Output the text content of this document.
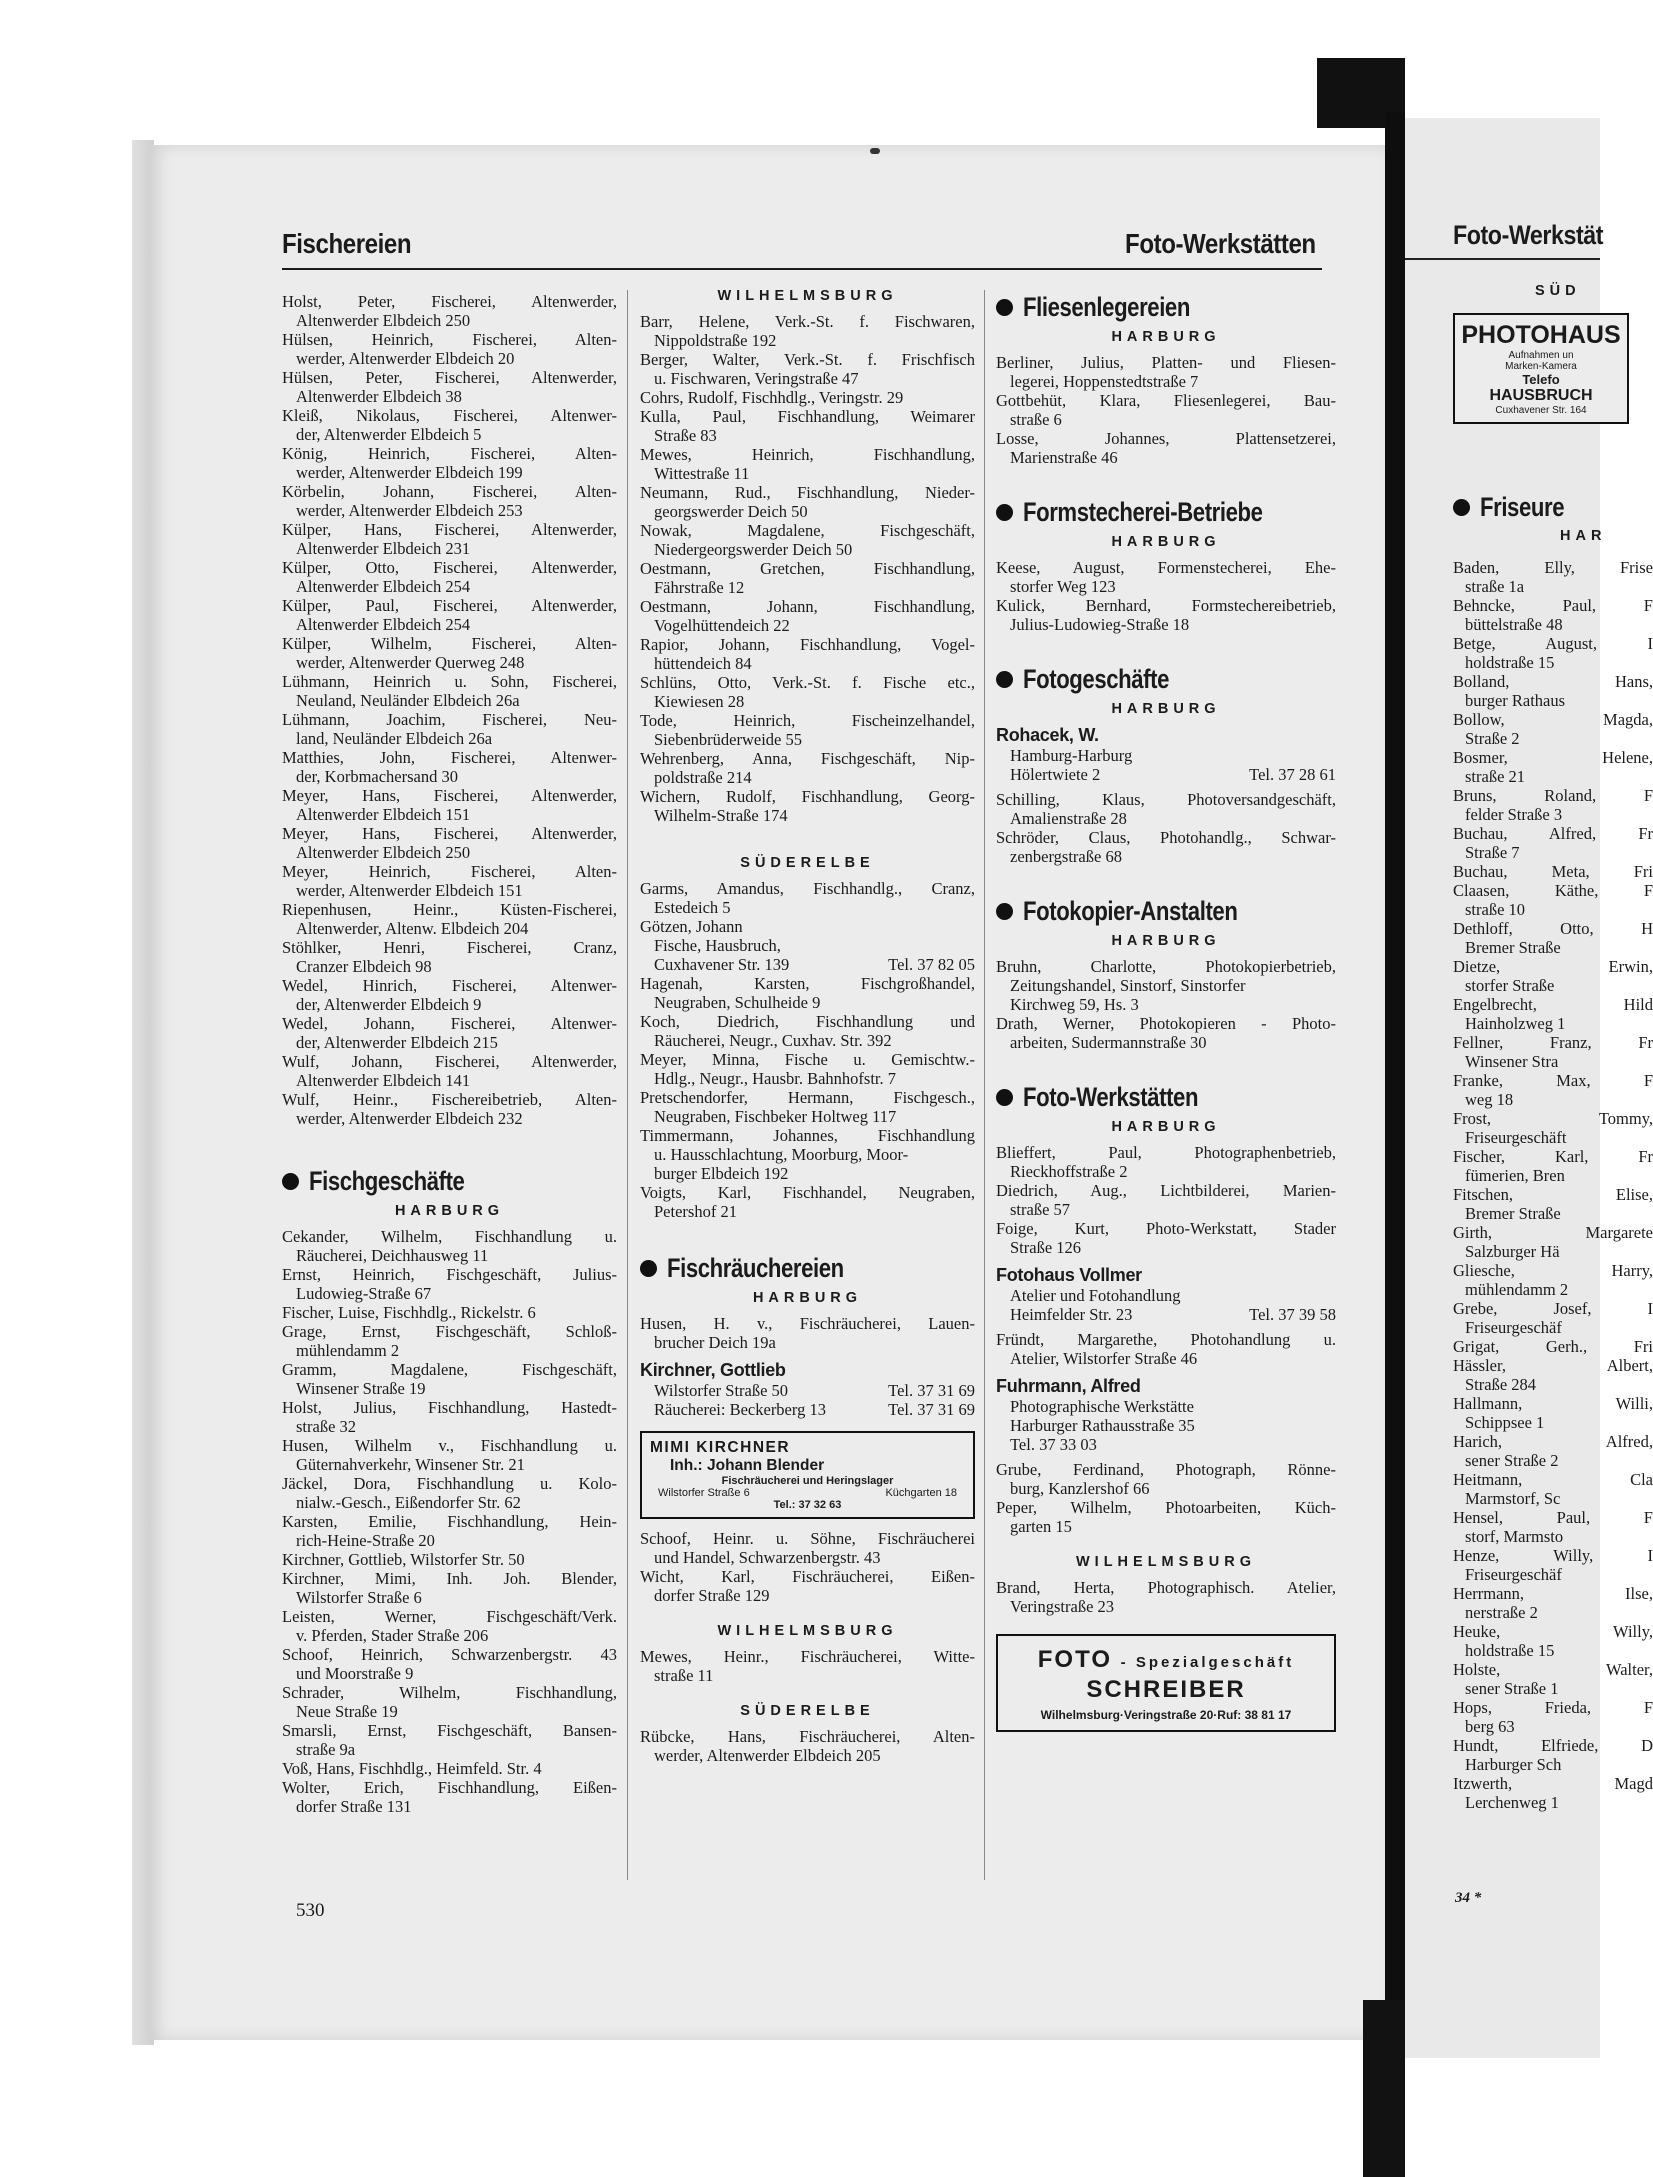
Fischereien	Foto-Werkstätten
Holst, Peter, Fischerei, Altenwerder,
Altenwerder Elbdeich 250
Hülsen, Heinrich, Fischerei, Alten-
werder, Altenwerder Elbdeich 20
Hülsen, Peter, Fischerei, Altenwerder,
Altenwerder Elbdeich 38
Kleiß, Nikolaus, Fischerei, Altenwer-
der, Altenwerder Elbdeich 5
König, Heinrich, Fischerei, Alten-
werder, Altenwerder Elbdeich 199
Körbelin, Johann, Fischerei, Alten-
werder, Altenwerder Elbdeich 253
Külper, Hans, Fischerei, Altenwerder,
Altenwerder Elbdeich 231
Külper, Otto, Fischerei, Altenwerder,
Altenwerder Elbdeich 254
Külper, Paul, Fischerei, Altenwerder,
Altenwerder Elbdeich 254
Külper, Wilhelm, Fischerei, Alten-
werder, Altenwerder Querweg 248
Lühmann, Heinrich u. Sohn, Fischerei,
Neuland, Neuländer Elbdeich 26a
Lühmann, Joachim, Fischerei, Neu-
land, Neuländer Elbdeich 26a
Matthies, John, Fischerei, Altenwer-
der, Korbmachersand 30
Meyer, Hans, Fischerei, Altenwerder,
Altenwerder Elbdeich 151
Meyer, Hans, Fischerei, Altenwerder,
Altenwerder Elbdeich 250
Meyer, Heinrich, Fischerei, Alten-
werder, Altenwerder Elbdeich 151
Riepenhusen, Heinr., Küsten-Fischerei,
Altenwerder, Altenw. Elbdeich 204
Stöhlker, Henri, Fischerei, Cranz,
Cranzer Elbdeich 98
Wedel, Hinrich, Fischerei, Altenwer-
der, Altenwerder Elbdeich 9
Wedel, Johann, Fischerei, Altenwer-
der, Altenwerder Elbdeich 215
Wulf, Johann, Fischerei, Altenwerder,
Altenwerder Elbdeich 141
Wulf, Heinr., Fischereibetrieb, Alten-
werder, Altenwerder Elbdeich 232
Fischgeschäfte
HARBURG
Cekander, Wilhelm, Fischhandlung u.
Räucherei, Deichhausweg 11
Ernst, Heinrich, Fischgeschäft, Julius-
Ludowieg-Straße 67
Fischer, Luise, Fischhdlg., Rickelstr. 6
Grage, Ernst, Fischgeschäft, Schloß-
mühlendamm 2
Gramm, Magdalene, Fischgeschäft,
Winsener Straße 19
Holst, Julius, Fischhandlung, Hastedt-
straße 32
Husen, Wilhelm v., Fischhandlung u.
Güternahverkehr, Winsener Str. 21
Jäckel, Dora, Fischhandlung u. Kolo-
nialw.-Gesch., Eißendorfer Str. 62
Karsten, Emilie, Fischhandlung, Hein-
rich-Heine-Straße 20
Kirchner, Gottlieb, Wilstorfer Str. 50
Kirchner, Mimi, Inh. Joh. Blender,
Wilstorfer Straße 6
Leisten, Werner, Fischgeschäft/Verk.
v. Pferden, Stader Straße 206
Schoof, Heinrich, Schwarzenbergstr. 43
und Moorstraße 9
Schrader, Wilhelm, Fischhandlung,
Neue Straße 19
Smarsli, Ernst, Fischgeschäft, Bansen-
straße 9a
Voß, Hans, Fischhdlg., Heimfeld. Str. 4
Wolter, Erich, Fischhandlung, Eißen-
dorfer Straße 131
WILHELMSBURG
Barr, Helene, Verk.-St. f. Fischwaren,
Nippoldstraße 192
Berger, Walter, Verk.-St. f. Frischfisch
u. Fischwaren, Veringstraße 47
Cohrs, Rudolf, Fischhdlg., Veringstr. 29
Kulla, Paul, Fischhandlung, Weimarer
Straße 83
Mewes, Heinrich, Fischhandlung,
Wittestraße 11
Neumann, Rud., Fischhandlung, Nieder-
georgswerder Deich 50
Nowak, Magdalene, Fischgeschäft,
Niedergeorgswerder Deich 50
Oestmann, Gretchen, Fischhandlung,
Fährstraße 12
Oestmann, Johann, Fischhandlung,
Vogelhüttendeich 22
Rapior, Johann, Fischhandlung, Vogel-
hüttendeich 84
Schlüns, Otto, Verk.-St. f. Fische etc.,
Kiewiesen 28
Tode, Heinrich, Fischeinzelhandel,
Siebenbrüderweide 55
Wehrenberg, Anna, Fischgeschäft, Nip-
poldstraße 214
Wichern, Rudolf, Fischhandlung, Georg-
Wilhelm-Straße 174
SÜDERELBE
Garms, Amandus, Fischhandlg., Cranz,
Estedeich 5
Götzen, Johann
Fische, Hausbruch,
Cuxhavener Str. 139	Tel. 37 82 05
Hagenah, Karsten, Fischgroßhandel,
Neugraben, Schulheide 9
Koch, Diedrich, Fischhandlung und
Räucherei, Neugr., Cuxhav. Str. 392
Meyer, Minna, Fische u. Gemischtw.-
Hdlg., Neugr., Hausbr. Bahnhofstr. 7
Pretschendorfer, Hermann, Fischgesch.,
Neugraben, Fischbeker Holtweg 117
Timmermann, Johannes, Fischhandlung
u. Hausschlachtung, Moorburg, Moor-
burger Elbdeich 192
Voigts, Karl, Fischhandel, Neugraben,
Petershof 21
Fischräuchereien
HARBURG
Husen, H. v., Fischräucherei, Lauen-
brucher Deich 19a
Kirchner, Gottlieb
Wilstorfer Straße 50	Tel. 37 31 69
Räucherei: Beckerberg 13	Tel. 37 31 69
MIMI KIRCHNER
Inh.: Johann Blender
Fischräucherei und Heringslager
Wilstorfer Straße 6	Küchgarten 18
Tel.: 37 32 63
Schoof, Heinr. u. Söhne, Fischräucherei
und Handel, Schwarzenbergstr. 43
Wicht, Karl, Fischräucherei, Eißen-
dorfer Straße 129
WILHELMSBURG
Mewes, Heinr., Fischräucherei, Witte-
straße 11
SÜDERELBE
Rübcke, Hans, Fischräucherei, Alten-
werder, Altenwerder Elbdeich 205
Fliesenlegereien
HARBURG
Berliner, Julius, Platten- und Fliesen-
legerei, Hoppenstedtstraße 7
Gottbehüt, Klara, Fliesenlegerei, Bau-
straße 6
Losse, Johannes, Plattensetzerei,
Marienstraße 46
Formstecherei-Betriebe
HARBURG
Keese, August, Formenstecherei, Ehe-
storfer Weg 123
Kulick, Bernhard, Formstechereibetrieb,
Julius-Ludowieg-Straße 18
Fotogeschäfte
HARBURG
Rohacek, W.
Hamburg-Harburg
Hölertwiete 2	Tel. 37 28 61
Schilling, Klaus, Photoversandgeschäft,
Amalienstraße 28
Schröder, Claus, Photohandlg., Schwar-
zenbergstraße 68
Fotokopier-Anstalten
HARBURG
Bruhn, Charlotte, Photokopierbetrieb,
Zeitungshandel, Sinstorf, Sinstorfer
Kirchweg 59, Hs. 3
Drath, Werner, Photokopieren - Photo-
arbeiten, Sudermannstraße 30
Foto-Werkstätten
HARBURG
Blieffert, Paul, Photographenbetrieb,
Rieckhoffstraße 2
Diedrich, Aug., Lichtbilderei, Marien-
straße 57
Foige, Kurt, Photo-Werkstatt, Stader
Straße 126
Fotohaus Vollmer
Atelier und Fotohandlung
Heimfelder Str. 23	Tel. 37 39 58
Fründt, Margarethe, Photohandlung u.
Atelier, Wilstorfer Straße 46
Fuhrmann, Alfred
Photographische Werkstätte
Harburger Rathausstraße 35
Tel. 37 33 03
Grube, Ferdinand, Photograph, Rönne-
burg, Kanzlershof 66
Peper, Wilhelm, Photoarbeiten, Küch-
garten 15
WILHELMSBURG
Brand, Herta, Photographisch. Atelier,
Veringstraße 23
FOTO - Spezialgeschäft
SCHREIBER
Wilhelmsburg·Veringstraße 20·Ruf: 38 81 17
530
Foto-Werkstät
SÜD
PHOTOHAUS
Aufnahmen un
Marken-Kamera
Telefo
HAUSBRUCH
Cuxhavener Str. 164
Friseure
HAR
Baden, Elly, Frise
straße 1a
Behncke, Paul, F
büttelstraße 48
Betge, August, I
holdstraße 15
Bolland, Hans,
burger Rathaus
Bollow, Magda,
Straße 2
Bosmer, Helene,
straße 21
Bruns, Roland, F
felder Straße 3
Buchau, Alfred, Fr
Straße 7
Buchau, Meta, Fri
Claasen, Käthe, F
straße 10
Dethloff, Otto, H
Bremer Straße
Dietze, Erwin,
storfer Straße
Engelbrecht, Hild
Hainholzweg 1
Fellner, Franz, Fr
Winsener Stra
Franke, Max, F
weg 18
Frost, Tommy,
Friseurgeschäft
Fischer, Karl, Fr
fümerien, Bren
Fitschen, Elise,
Bremer Straße
Girth, Margarete
Salzburger Hä
Gliesche, Harry,
mühlendamm 2
Grebe, Josef, I
Friseurgeschäf
Grigat, Gerh., Fri
Hässler, Albert,
Straße 284
Hallmann, Willi,
Schippsee 1
Harich, Alfred,
sener Straße 2
Heitmann, Cla
Marmstorf, Sc
Hensel, Paul, F
storf, Marmsto
Henze, Willy, I
Friseurgeschäf
Herrmann, Ilse,
nerstraße 2
Heuke, Willy,
holdstraße 15
Holste, Walter,
sener Straße 1
Hops, Frieda, F
berg 63
Hundt, Elfriede, D
Harburger Sch
Itzwerth, Magd
Lerchenweg 1
34 *
